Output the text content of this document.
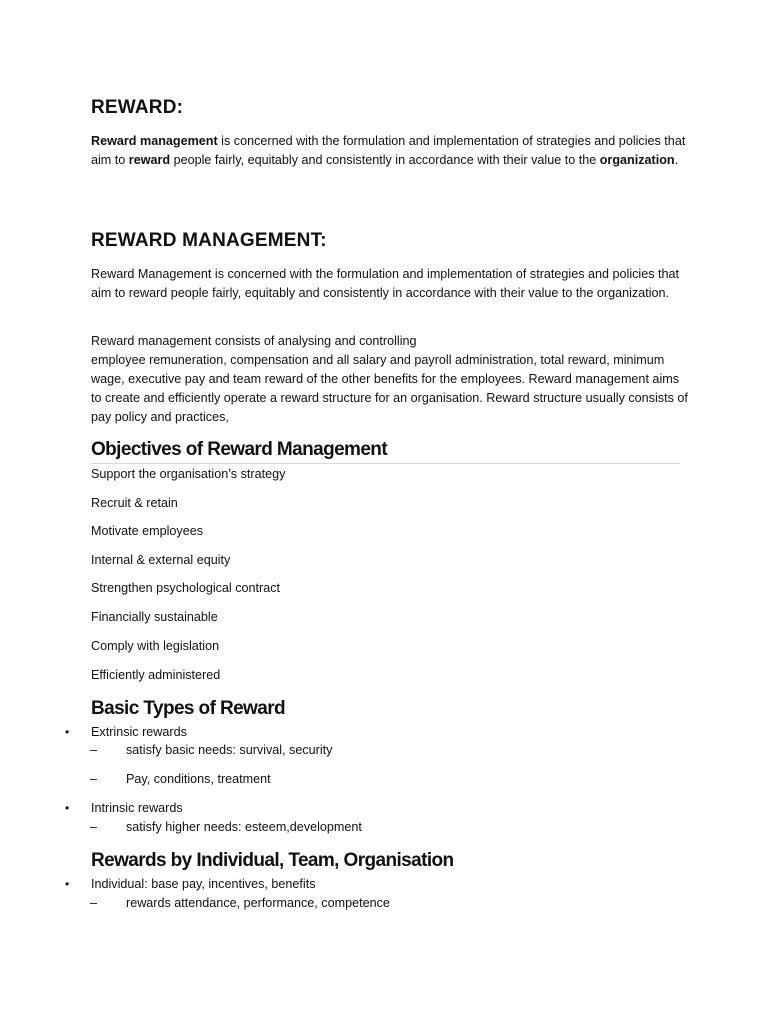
REWARD:

Reward management is concerned with the formulation and implementation of strategies and policies that aim to reward people fairly, equitably and consistently in accordance with their value to the organization.

REWARD MANAGEMENT:

Reward Management is concerned with the formulation and implementation of strategies and policies that aim to reward people fairly, equitably and consistently in accordance with their value to the organization.

Reward management consists of analysing and controlling
employee remuneration, compensation and all salary and payroll administration, total reward, minimum wage, executive pay and team reward of the other benefits for the employees. Reward management aims to create and efficiently operate a reward structure for an organisation. Reward structure usually consists of pay policy and practices,

Objectives of Reward Management
Support the organisation’s strategy
Recruit & retain
Motivate employees
Internal & external equity
Strengthen psychological contract
Financially sustainable
Comply with legislation
Efficiently administered
Basic Types of Reward
• Extrinsic rewards
– satisfy basic needs: survival, security
– Pay, conditions, treatment
• Intrinsic rewards
– satisfy higher needs: esteem,development
Rewards by Individual, Team, Organisation
• Individual: base pay, incentives, benefits
– rewards attendance, performance, competence
